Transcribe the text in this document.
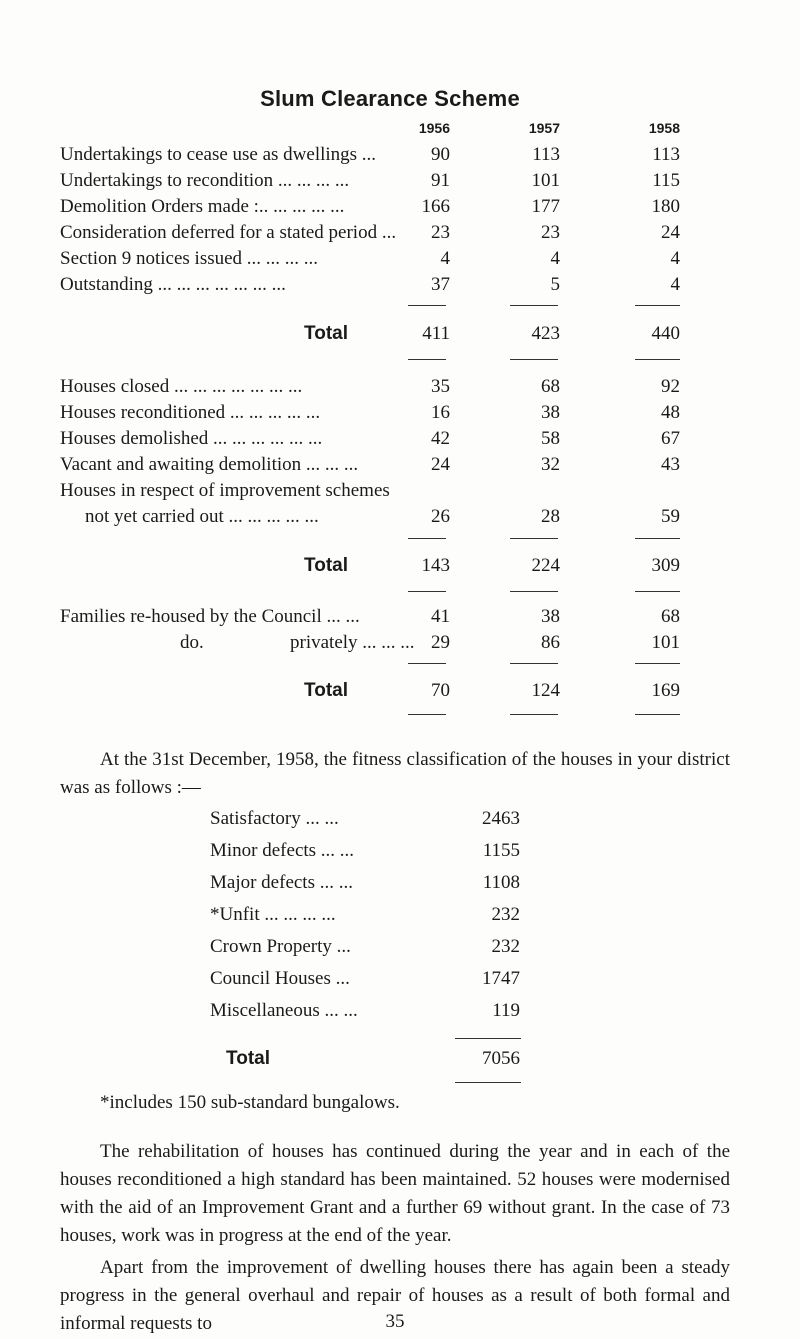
Slum Clearance Scheme
1956	1957	1958
Undertakings to cease use as dwellings ...	90	113	113
Undertakings to recondition ... ... ... ...	91	101	115
Demolition Orders made :.. ... ... ... ...	166	177	180
Consideration deferred for a stated period ...	23	23	24
Section 9 notices issued ... ... ... ...	4	4	4
Outstanding ... ... ... ... ... ... ...	37	5	4
Total	411	423	440
Houses closed ... ... ... ... ... ... ...	35	68	92
Houses reconditioned ... ... ... ... ...	16	38	48
Houses demolished ... ... ... ... ... ...	42	58	67
Vacant and awaiting demolition ... ... ...	24	32	43
Houses in respect of improvement schemes
not yet carried out ... ... ... ... ...	26	28	59
Total	143	224	309
Families re-housed by the Council ... ...	41	38	68
do.	privately ... ... ... 29	86	101
Total	70	124	169
At the 31st December, 1958, the fitness classification of the houses in your district was as follows :—
Satisfactory ... ...	2463
Minor defects ... ...	1155
Major defects ... ...	1108
*Unfit ... ... ... ...	232
Crown Property ...	232
Council Houses ...	1747
Miscellaneous ... ...	119
Total	7056
*includes 150 sub-standard bungalows.
The rehabilitation of houses has continued during the year and in each of the houses reconditioned a high standard has been maintained. 52 houses were modernised with the aid of an Improvement Grant and a further 69 without grant. In the case of 73 houses, work was in progress at the end of the year.
Apart from the improvement of dwelling houses there has again been a steady progress in the general overhaul and repair of houses as a result of both formal and informal requests to	35
